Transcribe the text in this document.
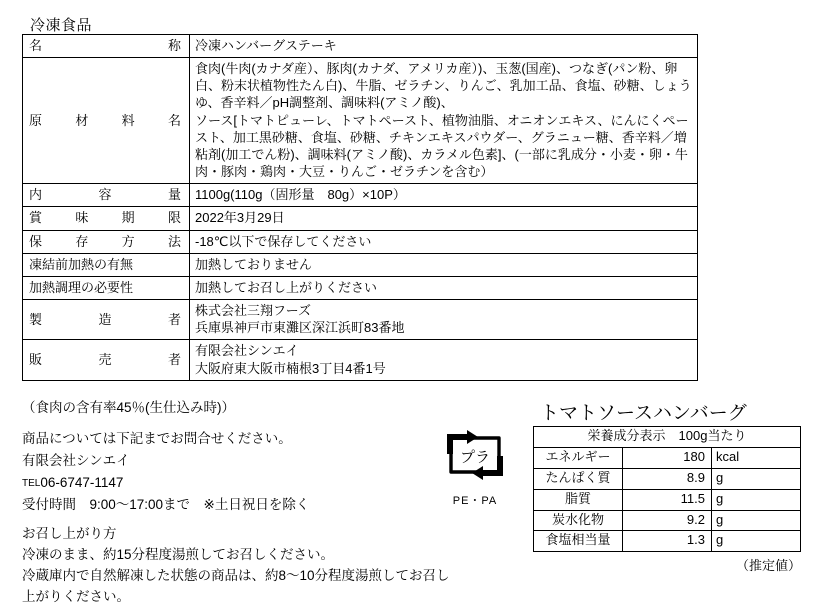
冷凍食品
名　　　　称	冷凍ハンバーグステーキ
原　材　料　名	食肉(牛肉(カナダ産）、豚肉(カナダ、アメリカ産）)、玉葱(国産)、つなぎ(パン粉、卵白、粉末状植物性たん白)、牛脂、ゼラチン、りんご、乳加工品、食塩、砂糖、しょうゆ、香辛料／pH調整剤、調味料(アミノ酸)、
ソース[トマトピューレ、トマトペースト、植物油脂、オニオンエキス、にんにくペースト、加工黒砂糖、食塩、砂糖、チキンエキスパウダー、グラニュー糖、香辛料／増粘剤(加工でん粉)、調味料(アミノ酸)、カラメル色素]、(一部に乳成分・小麦・卵・牛肉・豚肉・鶏肉・大豆・りんご・ゼラチンを含む）
内　　容　　量	1100g(110g（固形量　80g）×10P）
賞　味　期　限	2022年3月29日
保　存　方　法	-18℃以下で保存してください
凍結前加熱の有無	加熱しておりません
加熱調理の必要性	加熱してお召し上がりください
製　　造　　者	株式会社三翔フーズ
兵庫県神戸市東灘区深江浜町83番地
販　　売　　者	有限会社シンエイ
大阪府東大阪市楠根3丁目4番1号
（食肉の含有率45％(生仕込み時)）
商品については下記までお問合せください。
有限会社シンエイ
TEL06-6747-1147
受付時間　9:00～17:00まで　※土日祝日を除く
お召し上がり方
冷凍のまま、約15分程度湯煎してお召しください。
冷蔵庫内で自然解凍した状態の商品は、約8～10分程度湯煎してお召し
上がりください。
プラ
PE・PA
トマトソースハンバーグ
栄養成分表示　100g当たり		
エネルギー	180	kcal
たんぱく質	8.9	g
脂質	11.5	g
炭水化物	9.2	g
食塩相当量	1.3	g
（推定値）
